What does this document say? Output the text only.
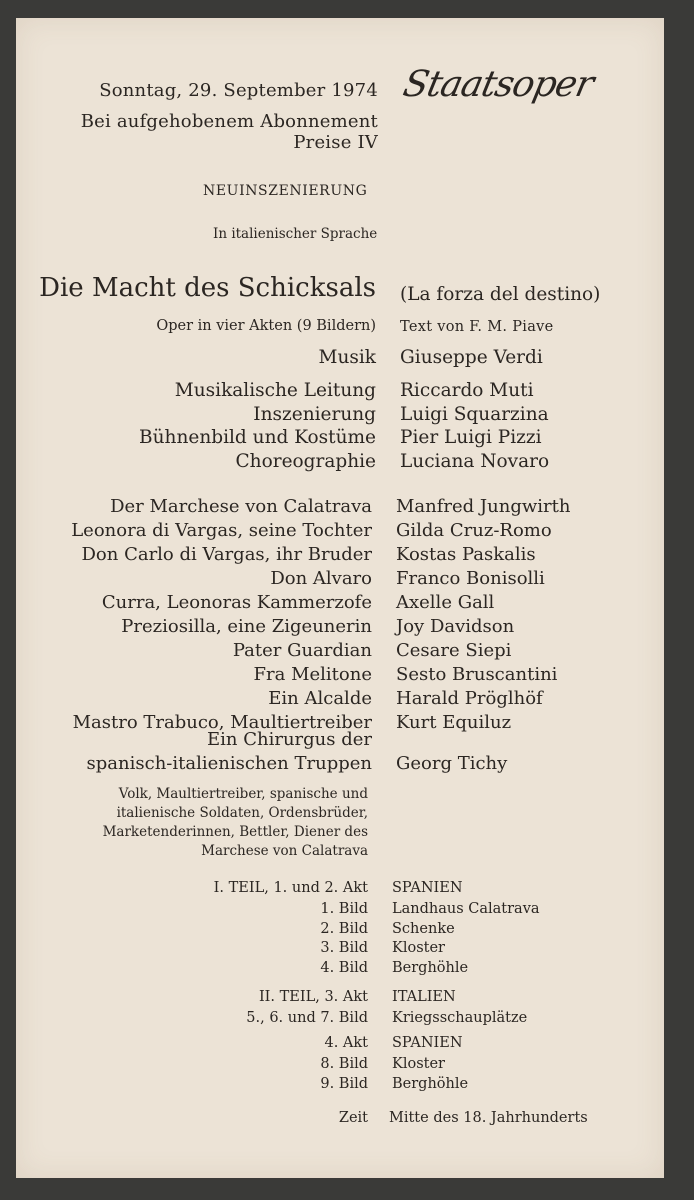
Sonntag, 29. September 1974
Bei aufgehobenem Abonnement
Preise IV
Staatsoper
NEUINSZENIERUNG
In italienischer Sprache
Die Macht des Schicksals (La forza del destino)
Oper in vier Akten (9 Bildern) Text von F. M. Piave
Musik Giuseppe Verdi
Musikalische Leitung Riccardo Muti

Inszenierung Luigi Squarzina

Bühnenbild und Kostüme Pier Luigi Pizzi

Choreographie Luciana Novaro

Der Marchese von Calatrava Manfred Jungwirth

Leonora di Vargas, seine Tochter Gilda Cruz-Romo

Don Carlo di Vargas, ihr Bruder Kostas Paskalis

Don Alvaro Franco Bonisolli

Curra, Leonoras Kammerzofe Axelle Gall

Preziosilla, eine Zigeunerin Joy Davidson

Pater Guardian Cesare Siepi

Fra Melitone Sesto Bruscantini

Ein Alcalde Harald Pröglhöf

Mastro Trabuco, Maultiertreiber Kurt Equiluz

Ein Chirurgus der
spanisch-italienischen Truppen Georg Tichy
Volk, Maultiertreiber, spanische und
italienische Soldaten, Ordensbrüder,
Marketenderinnen, Bettler, Diener des
Marchese von Calatrava
I. TEIL, 1. und 2. Akt SPANIEN
1. Bild Landhaus Calatrava

2. Bild Schenke

3. Bild Kloster

4. Bild Berghöhle

II. TEIL, 3. Akt ITALIEN
5., 6. und 7. Bild Kriegsschauplätze
4. Akt SPANIEN
8. Bild Kloster

9. Bild Berghöhle

Zeit Mitte des 18. Jahrhunderts
